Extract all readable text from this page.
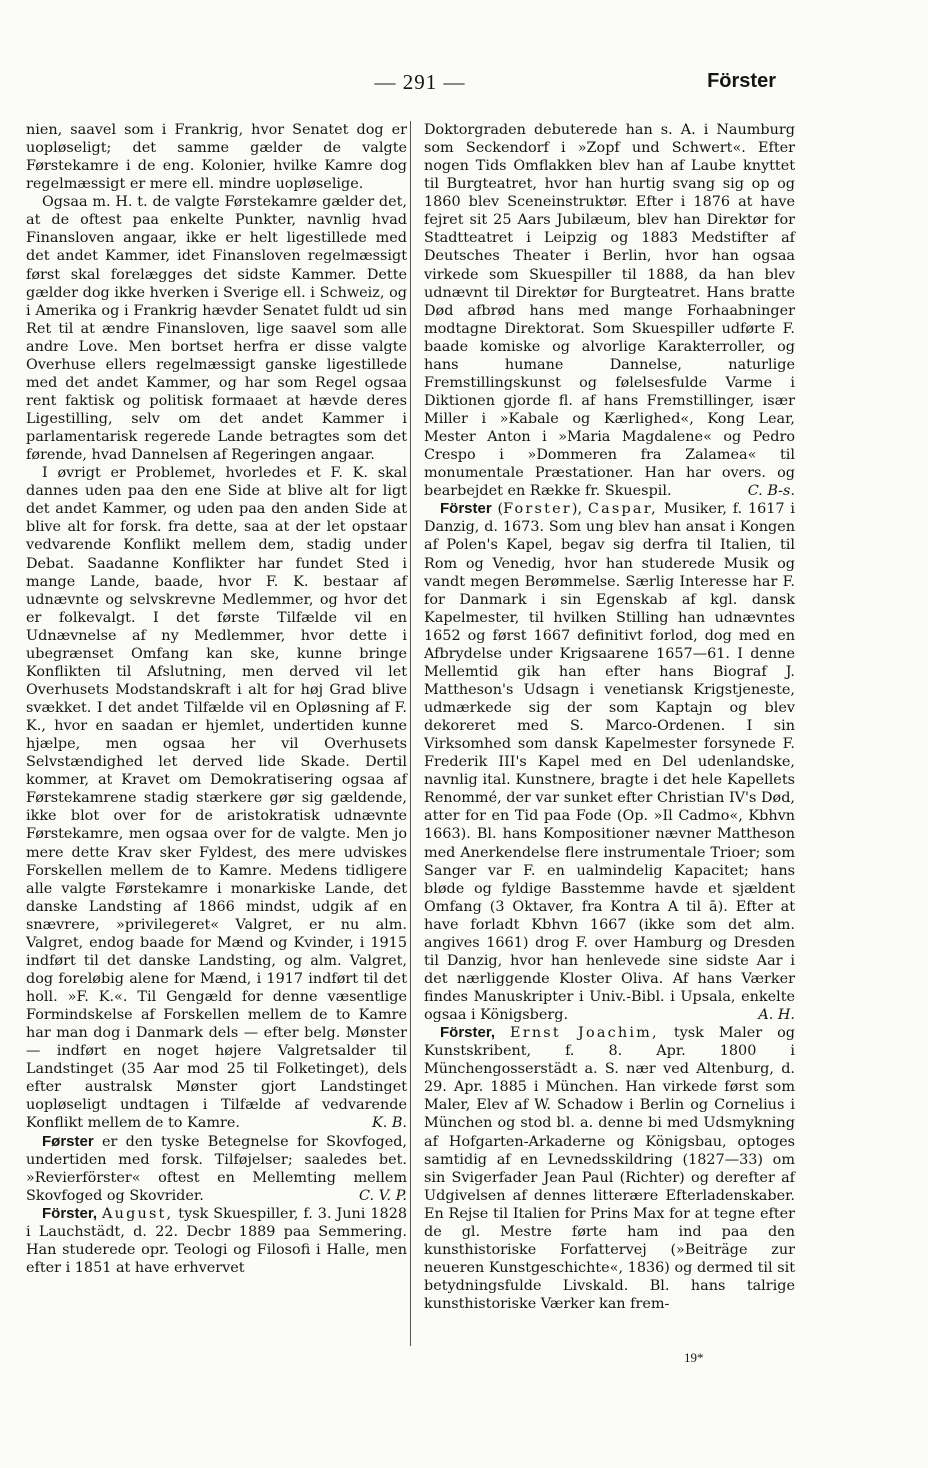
— 291 —	Förster

nien, saavel som i Frankrig, hvor Senatet dog er uopløseligt; det samme gælder de valgte Førstekamre i de eng. Kolonier, hvilke Kamre dog regelmæssigt er mere ell. mindre uopløselige.

Ogsaa m. H. t. de valgte Førstekamre gælder det, at de oftest paa enkelte Punkter, navnlig hvad Finansloven angaar, ikke er helt ligestillede med det andet Kammer, idet Finansloven regelmæssigt først skal forelægges det sidste Kammer. Dette gælder dog ikke hverken i Sverige ell. i Schweiz, og i Amerika og i Frankrig hævder Senatet fuldt ud sin Ret til at ændre Finansloven, lige saavel som alle andre Love. Men bortset herfra er disse valgte Overhuse ellers regelmæssigt ganske ligestillede med det andet Kammer, og har som Regel ogsaa rent faktisk og politisk formaaet at hævde deres Ligestilling, selv om det andet Kammer i parlamentarisk regerede Lande betragtes som det førende, hvad Dannelsen af Regeringen angaar.

I øvrigt er Problemet, hvorledes et F. K. skal dannes uden paa den ene Side at blive alt for ligt det andet Kammer, og uden paa den anden Side at blive alt for forsk. fra dette, saa at der let opstaar vedvarende Konflikt mellem dem, stadig under Debat. Saadanne Konflikter har fundet Sted i mange Lande, baade, hvor F. K. bestaar af udnævnte og selvskrevne Medlemmer, og hvor det er folkevalgt. I det første Tilfælde vil en Udnævnelse af ny Medlemmer, hvor dette i ubegrænset Omfang kan ske, kunne bringe Konflikten til Afslutning, men derved vil let Overhusets Modstandskraft i alt for høj Grad blive svækket. I det andet Tilfælde vil en Opløsning af F. K., hvor en saadan er hjemlet, undertiden kunne hjælpe, men ogsaa her vil Overhusets Selvstændighed let derved lide Skade. Dertil kommer, at Kravet om Demokratisering ogsaa af Førstekamrene stadig stærkere gør sig gældende, ikke blot over for de aristokratisk udnævnte Førstekamre, men ogsaa over for de valgte. Men jo mere dette Krav sker Fyldest, des mere udviskes Forskellen mellem de to Kamre. Medens tidligere alle valgte Førstekamre i monarkiske Lande, det danske Landsting af 1866 mindst, udgik af en snævrere, »privilegeret« Valgret, er nu alm. Valgret, endog baade for Mænd og Kvinder, i 1915 indført til det danske Landsting, og alm. Valgret, dog foreløbig alene for Mænd, i 1917 indført til det holl. »F. K.«. Til Gengæld for denne væsentlige Formindskelse af Forskellen mellem de to Kamre har man dog i Danmark dels — efter belg. Mønster — indført en noget højere Valgretsalder til Landstinget (35 Aar mod 25 til Folketinget), dels efter australsk Mønster gjort Landstinget uopløseligt undtagen i Tilfælde af vedvarende Konflikt mellem de to Kamre.	K. B.

Førster er den tyske Betegnelse for Skovfoged, undertiden med forsk. Tilføjelser; saaledes bet. »Revierförster« oftest en Mellemting mellem Skovfoged og Skovrider.	C. V. P.

Förster, August, tysk Skuespiller, f. 3. Juni 1828 i Lauchstädt, d. 22. Decbr 1889 paa Semmering. Han studerede opr. Teologi og Filosofi i Halle, men efter i 1851 at have erhvervet

Doktorgraden debuterede han s. A. i Naumburg som Seckendorf i »Zopf und Schwert«. Efter nogen Tids Omflakken blev han af Laube knyttet til Burgteatret, hvor han hurtig svang sig op og 1860 blev Sceneinstruktør. Efter i 1876 at have fejret sit 25 Aars Jubilæum, blev han Direktør for Stadtteatret i Leipzig og 1883 Medstifter af Deutsches Theater i Berlin, hvor han ogsaa virkede som Skuespiller til 1888, da han blev udnævnt til Direktør for Burgteatret. Hans bratte Død afbrød hans med mange Forhaabninger modtagne Direktorat. Som Skuespiller udførte F. baade komiske og alvorlige Karakterroller, og hans humane Dannelse, naturlige Fremstillingskunst og følelsesfulde Varme i Diktionen gjorde fl. af hans Fremstillinger, især Miller i »Kabale og Kærlighed«, Kong Lear, Mester Anton i »Maria Magdalene« og Pedro Crespo i »Dommeren fra Zalamea« til monumentale Præstationer. Han har overs. og bearbejdet en Række fr. Skuespil.	C. B-s.

Förster (Forster), Caspar, Musiker, f. 1617 i Danzig, d. 1673. Som ung blev han ansat i Kongen af Polen's Kapel, begav sig derfra til Italien, til Rom og Venedig, hvor han studerede Musik og vandt megen Berømmelse. Særlig Interesse har F. for Danmark i sin Egenskab af kgl. dansk Kapelmester, til hvilken Stilling han udnævntes 1652 og først 1667 definitivt forlod, dog med en Afbrydelse under Krigsaarene 1657—61. I denne Mellemtid gik han efter hans Biograf J. Mattheson's Udsagn i venetiansk Krigstjeneste, udmærkede sig der som Kaptajn og blev dekoreret med S. Marco-Ordenen. I sin Virksomhed som dansk Kapelmester forsynede F. Frederik III's Kapel med en Del udenlandske, navnlig ital. Kunstnere, bragte i det hele Kapellets Renommé, der var sunket efter Christian IV's Død, atter for en Tid paa Fode (Op. »Il Cadmo«, Kbhvn 1663). Bl. hans Kompositioner nævner Mattheson med Anerkendelse flere instrumentale Trioer; som Sanger var F. en ualmindelig Kapacitet; hans bløde og fyldige Basstemme havde et sjældent Omfang (3 Oktaver, fra Kontra A til ā). Efter at have forladt Kbhvn 1667 (ikke som det alm. angives 1661) drog F. over Hamburg og Dresden til Danzig, hvor han henlevede sine sidste Aar i det nærliggende Kloster Oliva. Af hans Værker findes Manuskripter i Univ.-Bibl. i Upsala, enkelte ogsaa i Königsberg.	A. H.

Förster, Ernst Joachim, tysk Maler og Kunstskribent, f. 8. Apr. 1800 i Münchengosserstädt a. S. nær ved Altenburg, d. 29. Apr. 1885 i München. Han virkede først som Maler, Elev af W. Schadow i Berlin og Cornelius i München og stod bl. a. denne bi med Udsmykning af Hofgarten-Arkaderne og Königsbau, optoges samtidig af en Levnedsskildring (1827—33) om sin Svigerfader Jean Paul (Richter) og derefter af Udgivelsen af dennes litterære Efterladenskaber. En Rejse til Italien for Prins Max for at tegne efter de gl. Mestre førte ham ind paa den kunsthistoriske Forfattervej (»Beiträge zur neueren Kunstgeschichte«, 1836) og dermed til sit betydningsfulde Livskald. Bl. hans talrige kunsthistoriske Værker kan frem-

19*
